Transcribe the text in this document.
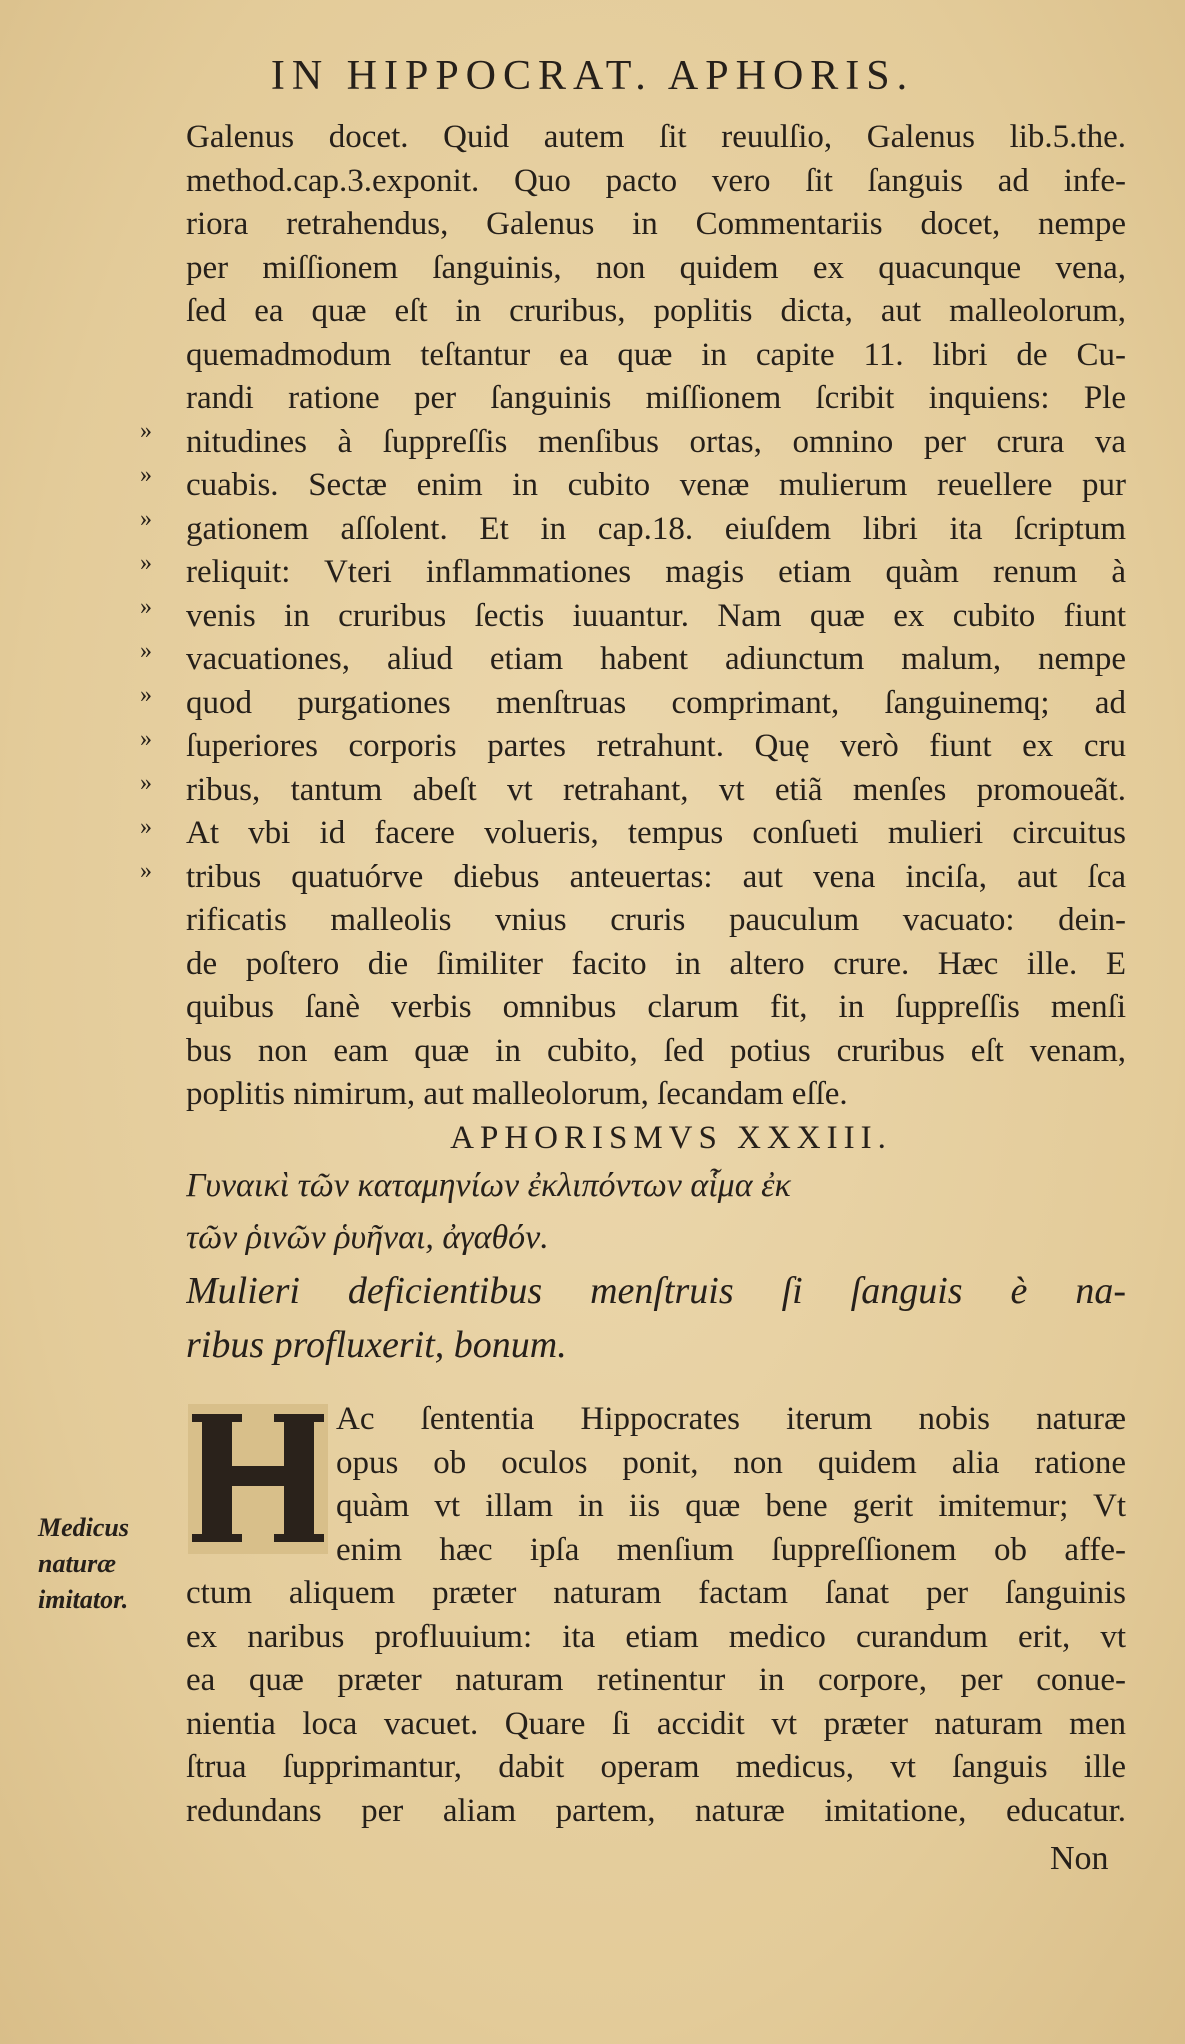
IN HIPPOCRAT. APHORIS.
»
»
»
»
»
»
»
»
»
»
»
Galenus docet. Quid autem ſit reuulſio, Galenus lib.5.the.
method.cap.3.exponit. Quo pacto vero ſit ſanguis ad infe-
riora retrahendus, Galenus in Commentariis docet, nempe
per miſſionem ſanguinis, non quidem ex quacunque vena,
ſed ea quæ eſt in cruribus, poplitis dicta, aut malleolorum,
quemadmodum teſtantur ea quæ in capite 11. libri de Cu-
randi ratione per ſanguinis miſſionem ſcribit inquiens: Ple
nitudines à ſuppreſſis menſibus ortas, omnino per crura va
cuabis. Sectæ enim in cubito venæ mulierum reuellere pur
gationem aſſolent. Et in cap.18. eiuſdem libri ita ſcriptum
reliquit: Vteri inflammationes magis etiam quàm renum à
venis in cruribus ſectis iuuantur. Nam quæ ex cubito fiunt
vacuationes, aliud etiam habent adiunctum malum, nempe
quod purgationes menſtruas comprimant, ſanguinemq; ad
ſuperiores corporis partes retrahunt. Quę verò fiunt ex cru
ribus, tantum abeſt vt retrahant, vt etiã menſes promoueãt.
At vbi id facere volueris, tempus conſueti mulieri circuitus
tribus quatuórve diebus anteuertas: aut vena inciſa, aut ſca
rificatis malleolis vnius cruris pauculum vacuato: dein-
de poſtero die ſimiliter facito in altero crure. Hæc ille. E
quibus ſanè verbis omnibus clarum fit, in ſuppreſſis menſi
bus non eam quæ in cubito, ſed potius cruribus eſt venam,
poplitis nimirum, aut malleolorum, ſecandam eſſe.
APHORISMVS XXXIII.
Γυναικὶ τῶν καταμηνίων ἐκλιπόντων αἷμα ἐκ
τῶν ῥινῶν ῥυῆναι, ἀγαθόν.
Mulieri deficientibus menſtruis ſi ſanguis è na-
ribus profluxerit, bonum.
Ac ſententia Hippocrates iterum nobis naturæ
opus ob oculos ponit, non quidem alia ratione
quàm vt illam in iis quæ bene gerit imitemur; Vt
enim hæc ipſa menſium ſuppreſſionem ob affe-
ctum aliquem præter naturam factam ſanat per ſanguinis
ex naribus profluuium: ita etiam medico curandum erit, vt
ea quæ præter naturam retinentur in corpore, per conue-
nientia loca vacuet. Quare ſi accidit vt præter naturam men
ſtrua ſupprimantur, dabit operam medicus, vt ſanguis ille
redundans per aliam partem, naturæ imitatione, educatur.
Medicus
naturæ
imitator.
Non
